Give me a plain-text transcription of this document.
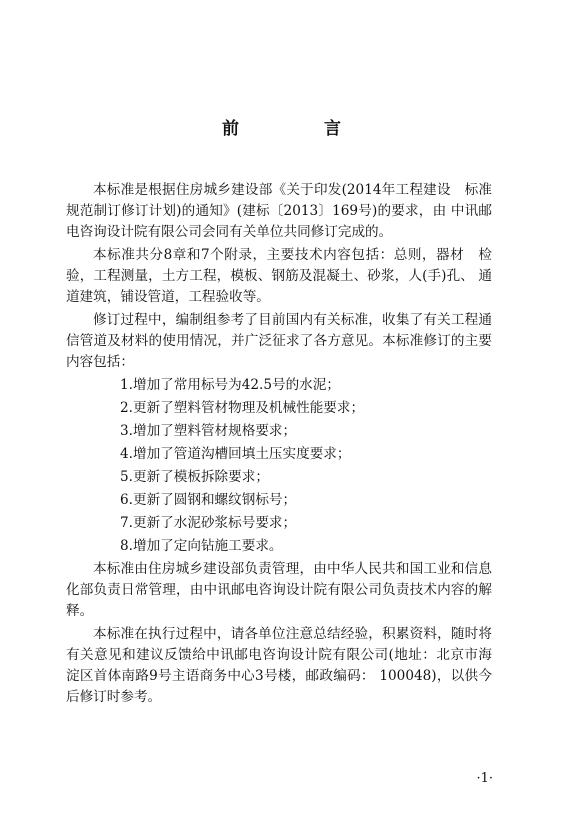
前　言

本标准是根据住房城乡建设部《关于印发(2014年工程建设　标准规范制订修订计划)的通知》(建标〔2013〕169号)的要求，由 中讯邮电咨询设计院有限公司会同有关单位共同修订完成的。

本标准共分8章和7个附录，主要技术内容包括：总则，器材　检验，工程测量，土方工程，模板、钢筋及混凝土、砂浆，人(手)孔、 通道建筑，铺设管道，工程验收等。

修订过程中，编制组参考了目前国内有关标准，收集了有关工程通信管道及材料的使用情况，并广泛征求了各方意见。本标准修订的主要内容包括：

1.增加了常用标号为42.5号的水泥；
2.更新了塑料管材物理及机械性能要求；
3.增加了塑料管材规格要求；
4.增加了管道沟槽回填土压实度要求；
5.更新了模板拆除要求；
6.更新了圆钢和螺纹钢标号；
7.更新了水泥砂浆标号要求；
8.增加了定向钻施工要求。

本标准由住房城乡建设部负责管理，由中华人民共和国工业和信息化部负责日常管理，由中讯邮电咨询设计院有限公司负责技术内容的解释。

本标准在执行过程中，请各单位注意总结经验，积累资料，随时将有关意见和建议反馈给中讯邮电咨询设计院有限公司(地址：北京市海淀区首体南路9号主语商务中心3号楼，邮政编码： 100048)，以供今后修订时参考。

·1·
